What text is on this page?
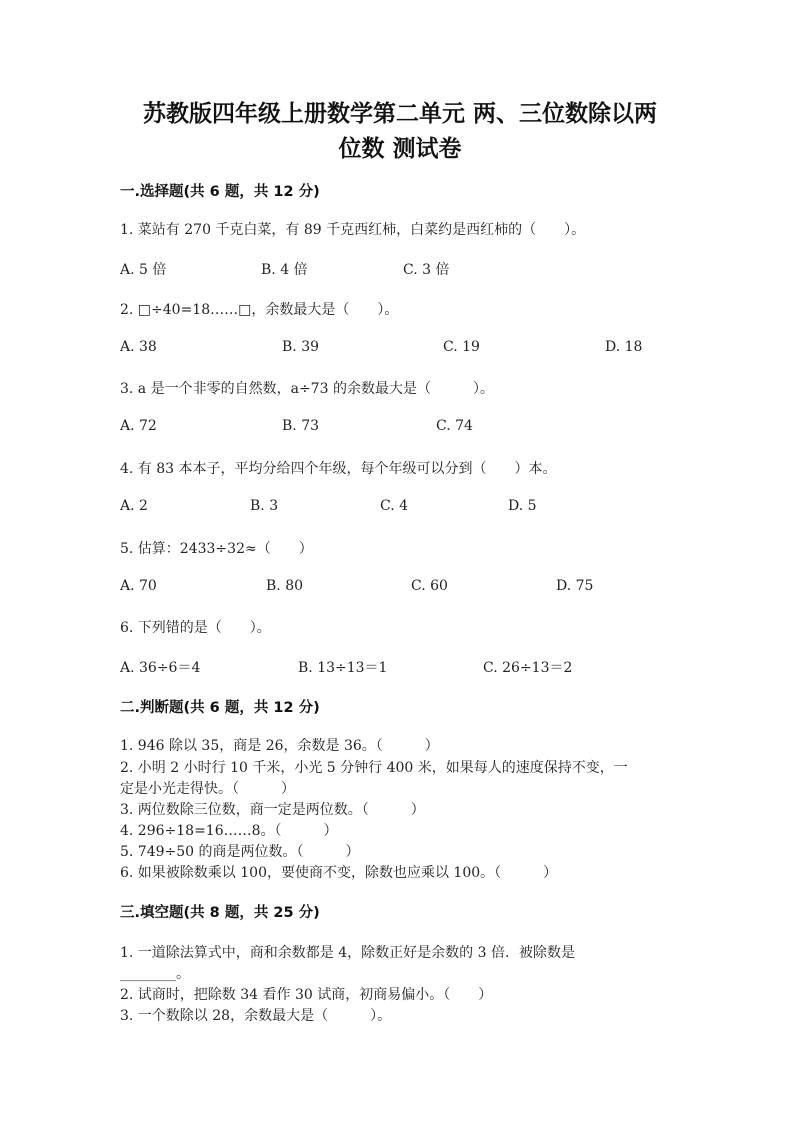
苏教版四年级上册数学第二单元 两、三位数除以两
位数 测试卷
一.选择题(共 6 题，共 12 分)
1. 菜站有 270 千克白菜，有 89 千克西红柿，白菜约是西红柿的（　　）。
A. 5 倍	B. 4 倍	C. 3 倍
2. □÷40=18……□，余数最大是（　　）。
A. 38	B. 39	C. 19	D. 18
3. a 是一个非零的自然数，a÷73 的余数最大是（　　　）。
A. 72	B. 73	C. 74
4. 有 83 本本子，平均分给四个年级，每个年级可以分到（　　）本。
A. 2	B. 3	C. 4	D. 5
5. 估算：2433÷32≈（　　）
A. 70	B. 80	C. 60	D. 75
6. 下列错的是（　　）。
A. 36÷6＝4	B. 13÷13＝1	C. 26÷13＝2
二.判断题(共 6 题，共 12 分)
1. 946 除以 35，商是 26，余数是 36。（　　　）
2. 小明 2 小时行 10 千米，小光 5 分钟行 400 米，如果每人的速度保持不变，一
定是小光走得快。（　　　）
3. 两位数除三位数，商一定是两位数。（　　　）
4. 296÷18=16……8。（　　　）
5. 749÷50 的商是两位数。（　　　）
6. 如果被除数乘以 100，要使商不变，除数也应乘以 100。（　　　）
三.填空题(共 8 题，共 25 分)
1. 一道除法算式中，商和余数都是 4，除数正好是余数的 3 倍．被除数是
________。
2. 试商时，把除数 34 看作 30 试商，初商易偏小。（　　）
3. 一个数除以 28，余数最大是（　　　）。
